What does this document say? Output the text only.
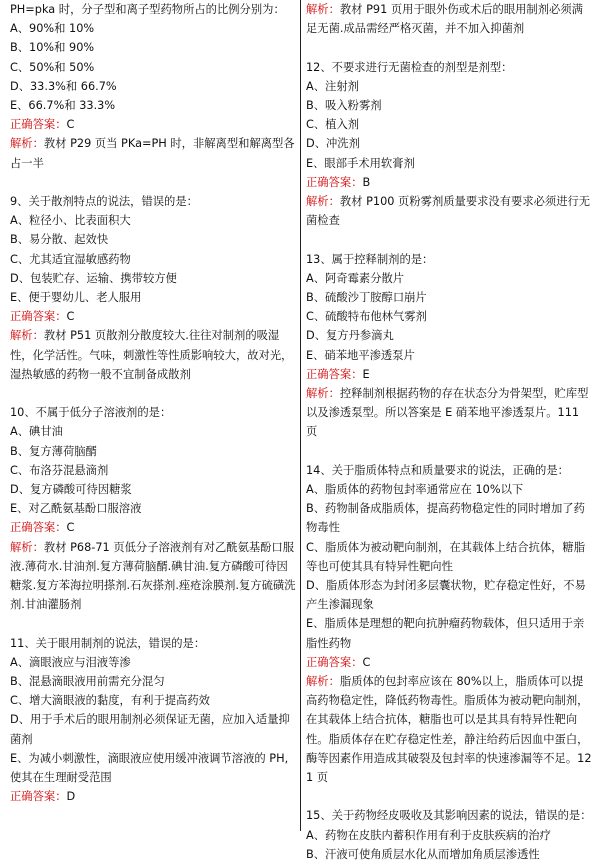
PH=pka 时，分子型和离子型药物所占的比例分别为：
A、90%和 10%
B、10%和 90%
C、50%和 50%
D、33.3%和 66.7%
E、66.7%和 33.3%
正确答案：C
解析：教材 P29 页当 PKa=PH 时，非解离型和解离型各占一半
9、关于散剂特点的说法，错误的是：
A、粒径小、比表面积大
B、易分散、起效快
C、尤其适宜湿敏感药物
D、包装贮存、运输、携带较方便
E、便于婴幼儿、老人服用
正确答案：C
解析：教材 P51 页散剂分散度较大.往往对制剂的吸湿性，化学活性。气味，刺激性等性质影响较大，故对光，湿热敏感的药物一般不宜制备成散剂
10、不属于低分子溶液剂的是：
A、碘甘油
B、复方薄荷脑醑
C、布洛芬混悬滴剂
D、复方磷酸可待因糖浆
E、对乙酰氨基酚口服溶液
正确答案：C
解析：教材 P68-71 页低分子溶液剂有对乙酰氨基酚口服液.薄荷水.甘油剂.复方薄荷脑醑.碘甘油.复方磷酸可待因糖浆.复方苯海拉明搽剂.石灰搽剂.痤疮涂膜剂.复方硫磺洗剂.甘油灌肠剂
11、关于眼用制剂的说法，错误的是：
A、滴眼液应与泪液等渗
B、混悬滴眼液用前需充分混匀
C、增大滴眼液的黏度，有利于提高药效
D、用于手术后的眼用制剂必须保证无菌，应加入适量抑菌剂
E、为减小刺激性，滴眼液应使用缓冲液调节溶液的 PH,使其在生理耐受范围
正确答案：D
解析：教材 P91 页用于眼外伤或术后的眼用制剂必须满足无菌.成品需经严格灭菌，并不加入抑菌剂
12、不要求进行无菌检查的剂型是剂型：
A、注射剂
B、吸入粉雾剂
C、植入剂
D、冲洗剂
E、眼部手术用软膏剂
正确答案：B
解析：教材 P100 页粉雾剂质量要求没有要求必须进行无菌检查
13、属于控释制剂的是：
A、阿奇霉素分散片
B、硫酸沙丁胺醇口崩片
C、硫酸特布他林气雾剂
D、复方丹参滴丸
E、硝苯地平渗透泵片
正确答案：E
解析：控释制剂根据药物的存在状态分为骨架型，贮库型以及渗透泵型。所以答案是 E 硝苯地平渗透泵片。111 页
14、关于脂质体特点和质量要求的说法，正确的是：
A、脂质体的药物包封率通常应在 10%以下
B、药物制备成脂质体，提高药物稳定性的同时增加了药物毒性
C、脂质体为被动靶向制剂，在其载体上结合抗体，糖脂等也可使其具有特异性靶向性
D、脂质体形态为封闭多层囊状物，贮存稳定性好，不易产生渗漏现象
E、脂质体是理想的靶向抗肿瘤药物载体，但只适用于亲脂性药物
正确答案：C
解析：脂质体的包封率应该在 80%以上，脂质体可以提高药物稳定性，降低药物毒性。脂质体为被动靶向制剂，在其载体上结合抗体，糖脂也可以是其具有特异性靶向性。脂质体存在贮存稳定性差，静注给药后因血中蛋白，酶等因素作用造成其破裂及包封率的快速渗漏等不足。121 页
15、关于药物经皮吸收及其影响因素的说法，错误的是：
A、药物在皮肤内蓄积作用有利于皮肤疾病的治疗
B、汗液可使角质层水化从而增加角质层渗透性
